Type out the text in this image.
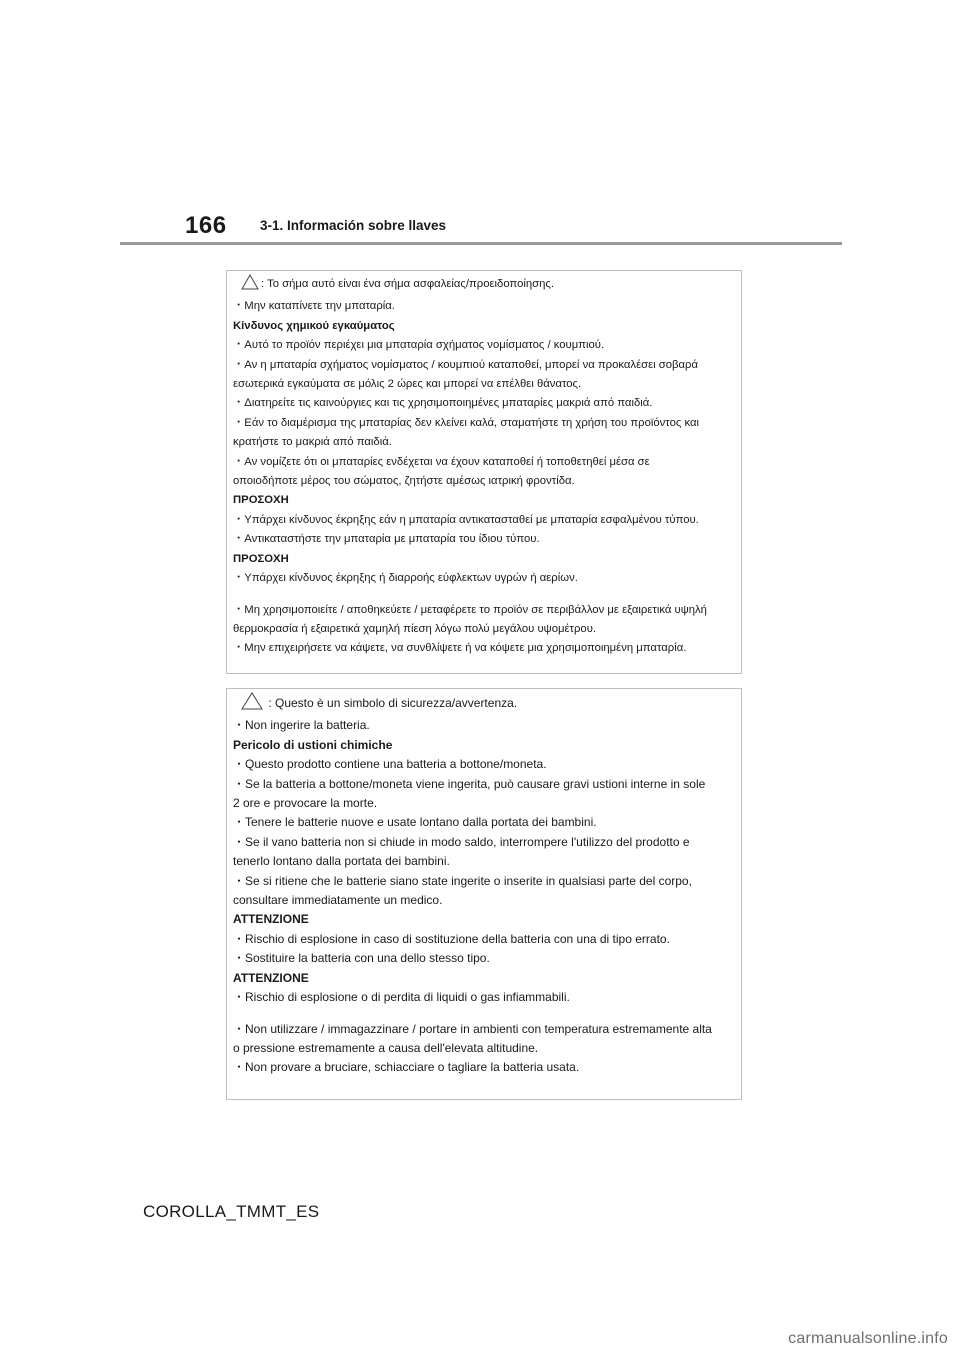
166 3-1. Información sobre llaves
: Το σήμα αυτό είναι ένα σήμα ασφαλείας/προειδοποίησης.
・Μην καταπίνετε την μπαταρία.
Κίνδυνος χημικού εγκαύματος
・Αυτό το προϊόν περιέχει μια μπαταρία σχήματος νομίσματος / κουμπιού.
・Αν η μπαταρία σχήματος νομίσματος / κουμπιού καταποθεί, μπορεί να προκαλέσει σοβαρά
εσωτερικά εγκαύματα σε μόλις 2 ώρες και μπορεί να επέλθει θάνατος.
・Διατηρείτε τις καινούργιες και τις χρησιμοποιημένες μπαταρίες μακριά από παιδιά.
・Εάν το διαμέρισμα της μπαταρίας δεν κλείνει καλά, σταματήστε τη χρήση του προϊόντος και
κρατήστε το μακριά από παιδιά.
・Αν νομίζετε ότι οι μπαταρίες ενδέχεται να έχουν καταποθεί ή τοποθετηθεί μέσα σε
οποιοδήποτε μέρος του σώματος, ζητήστε αμέσως ιατρική φροντίδα.
ΠΡΟΣΟΧΗ
・Υπάρχει κίνδυνος έκρηξης εάν η μπαταρία αντικατασταθεί με μπαταρία εσφαλμένου τύπου.
・Αντικαταστήστε την μπαταρία με μπαταρία του ίδιου τύπου.
ΠΡΟΣΟΧΗ
・Υπάρχει κίνδυνος έκρηξης ή διαρροής εύφλεκτων υγρών ή αερίων.
・Μη χρησιμοποιείτε / αποθηκεύετε / μεταφέρετε το προϊόν σε περιβάλλον με εξαιρετικά υψηλή
θερμοκρασία ή εξαιρετικά χαμηλή πίεση λόγω πολύ μεγάλου υψομέτρου.
・Μην επιχειρήσετε να κάψετε, να συνθλίψετε ή να κόψετε μια χρησιμοποιημένη μπαταρία.
: Questo è un simbolo di sicurezza/avvertenza.
・Non ingerire la batteria.
Pericolo di ustioni chimiche
・Questo prodotto contiene una batteria a bottone/moneta.
・Se la batteria a bottone/moneta viene ingerita, può causare gravi ustioni interne in sole
2 ore e provocare la morte.
・Tenere le batterie nuove e usate lontano dalla portata dei bambini.
・Se il vano batteria non si chiude in modo saldo, interrompere l'utilizzo del prodotto e
tenerlo lontano dalla portata dei bambini.
・Se si ritiene che le batterie siano state ingerite o inserite in qualsiasi parte del corpo,
consultare immediatamente un medico.
ATTENZIONE
・Rischio di esplosione in caso di sostituzione della batteria con una di tipo errato.
・Sostituire la batteria con una dello stesso tipo.
ATTENZIONE
・Rischio di esplosione o di perdita di liquidi o gas infiammabili.
・Non utilizzare / immagazzinare / portare in ambienti con temperatura estremamente alta
o pressione estremamente a causa dell'elevata altitudine.
・Non provare a bruciare, schiacciare o tagliare la batteria usata.
COROLLA_TMMT_ES
carmanualsonline.info
